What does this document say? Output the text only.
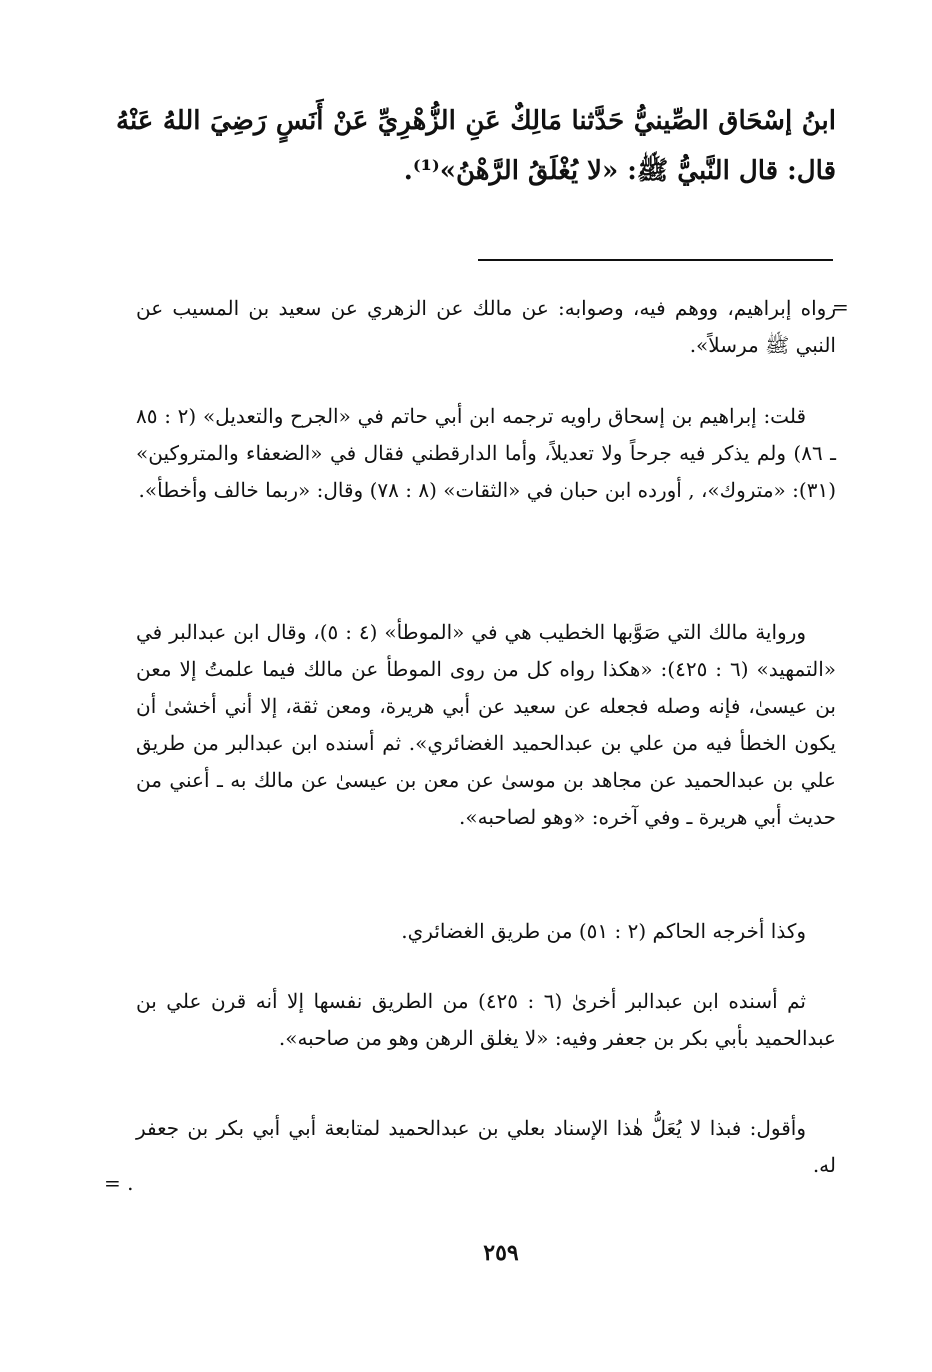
ابنُ إسْحَاق الصِّينيُّ حَدَّثنا مَالِكٌ عَنِ الزُّهْرِيِّ عَنْ أَنَسٍ رَضِيَ اللهُ عَنْهُ قال: قال النَّبيُّ ﷺ: «لا يُغْلَقُ الرَّهْنُ»⁽¹⁾.

=

رواه إبراهيم، ووهم فيه، وصوابه: عن مالك عن الزهري عن سعيد بن المسيب عن النبي ﷺ مرسلاً».

قلت: إبراهيم بن إسحاق راويه ترجمه ابن أبي حاتم في «الجرح والتعديل» (٢ : ٨٥ ـ ٨٦) ولم يذكر فيه جرحاً ولا تعديلاً، وأما الدارقطني فقال في «الضعفاء والمتروكين» (٣١): «متروك»، , أورده ابن حبان في «الثقات» (٨ : ٧٨) وقال: «ربما خالف وأخطأ».

ورواية مالك التي صَوَّبها الخطيب هي في «الموطأ» (٤ : ٥)، وقال ابن عبدالبر في «التمهيد» (٦ : ٤٢٥): «هكذا رواه كل من روى الموطأ عن مالك فيما علمتُ إلا معن بن عيسىٰ، فإنه وصله فجعله عن سعيد عن أبي هريرة، ومعن ثقة، إلا أني أخشىٰ أن يكون الخطأ فيه من علي بن عبدالحميد الغضائري». ثم أسنده ابن عبدالبر من طريق علي بن عبدالحميد عن مجاهد بن موسىٰ عن معن بن عيسىٰ عن مالك به ـ أعني من حديث أبي هريرة ـ وفي آخره: «وهو لصاحبه».

وكذا أخرجه الحاكم (٢ : ٥١) من طريق الغضائري.

ثم أسنده ابن عبدالبر أخرىٰ (٦ : ٤٢٥) من الطريق نفسها إلا أنه قرن علي بن عبدالحميد بأبي بكر بن جعفر وفيه: «لا يغلق الرهن وهو من صاحبه».

وأقول: فبذا لا يُعَلُّ هٰذا الإسناد بعلي بن عبدالحميد لمتابعة أبي أبي بكر بن جعفر له.

= .
٢٥٩
